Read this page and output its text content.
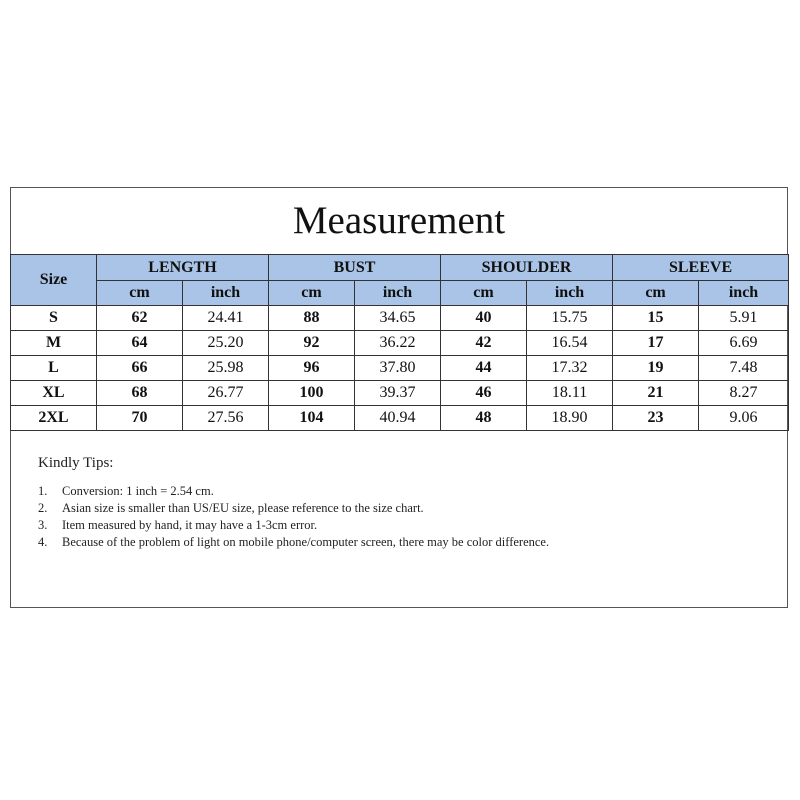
Measurement
Size	LENGTH		BUST		SHOULDER		SLEEVE	
	cm	inch	cm	inch	cm	inch	cm	inch
S	62	24.41	88	34.65	40	15.75	15	5.91
M	64	25.20	92	36.22	42	16.54	17	6.69
L	66	25.98	96	37.80	44	17.32	19	7.48
XL	68	26.77	100	39.37	46	18.11	21	8.27
2XL	70	27.56	104	40.94	48	18.90	23	9.06
Kindly Tips:
1.	Conversion: 1 inch = 2.54 cm.
2.	Asian size is smaller than US/EU size, please reference to the size chart.
3.	Item measured by hand, it may have a 1-3cm error.
4.	Because of the problem of light on mobile phone/computer screen, there may be color difference.
